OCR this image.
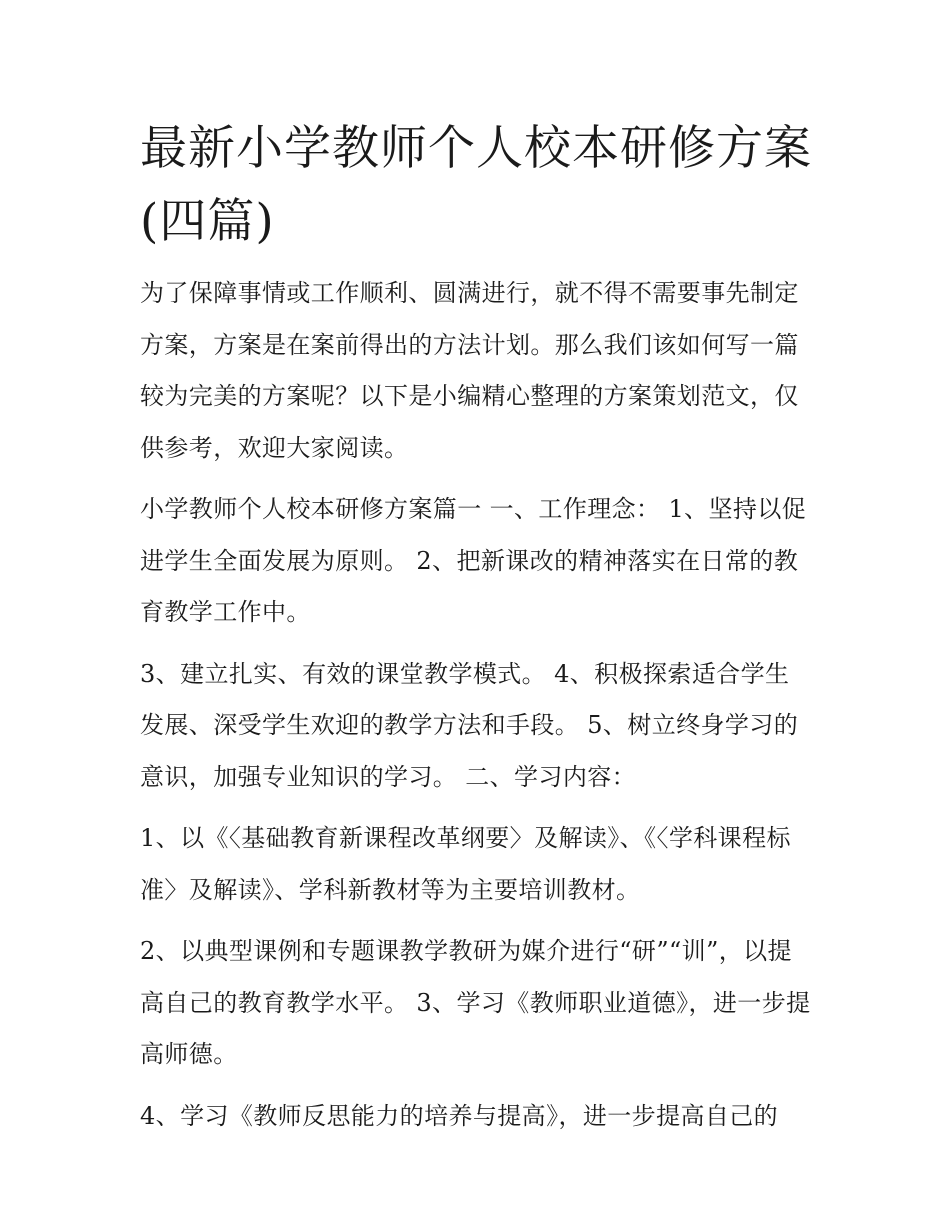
最新小学教师个人校本研修方案(四篇)

为了保障事情或工作顺利、圆满进行，就不得不需要事先制定方案，方案是在案前得出的方法计划。那么我们该如何写一篇较为完美的方案呢？以下是小编精心整理的方案策划范文，仅供参考，欢迎大家阅读。

小学教师个人校本研修方案篇一 一、工作理念： 1、坚持以促进学生全面发展为原则。 2、把新课改的精神落实在日常的教育教学工作中。

3、建立扎实、有效的课堂教学模式。 4、积极探索适合学生发展、深受学生欢迎的教学方法和手段。 5、树立终身学习的意识，加强专业知识的学习。 二、学习内容：

1、以《〈基础教育新课程改革纲要〉及解读》、《〈学科课程标准〉及解读》、学科新教材等为主要培训教材。

2、以典型课例和专题课教学教研为媒介进行“研”“训”，以提高自己的教育教学水平。 3、学习《教师职业道德》，进一步提高师德。

4、学习《教师反思能力的培养与提高》，进一步提高自己的
